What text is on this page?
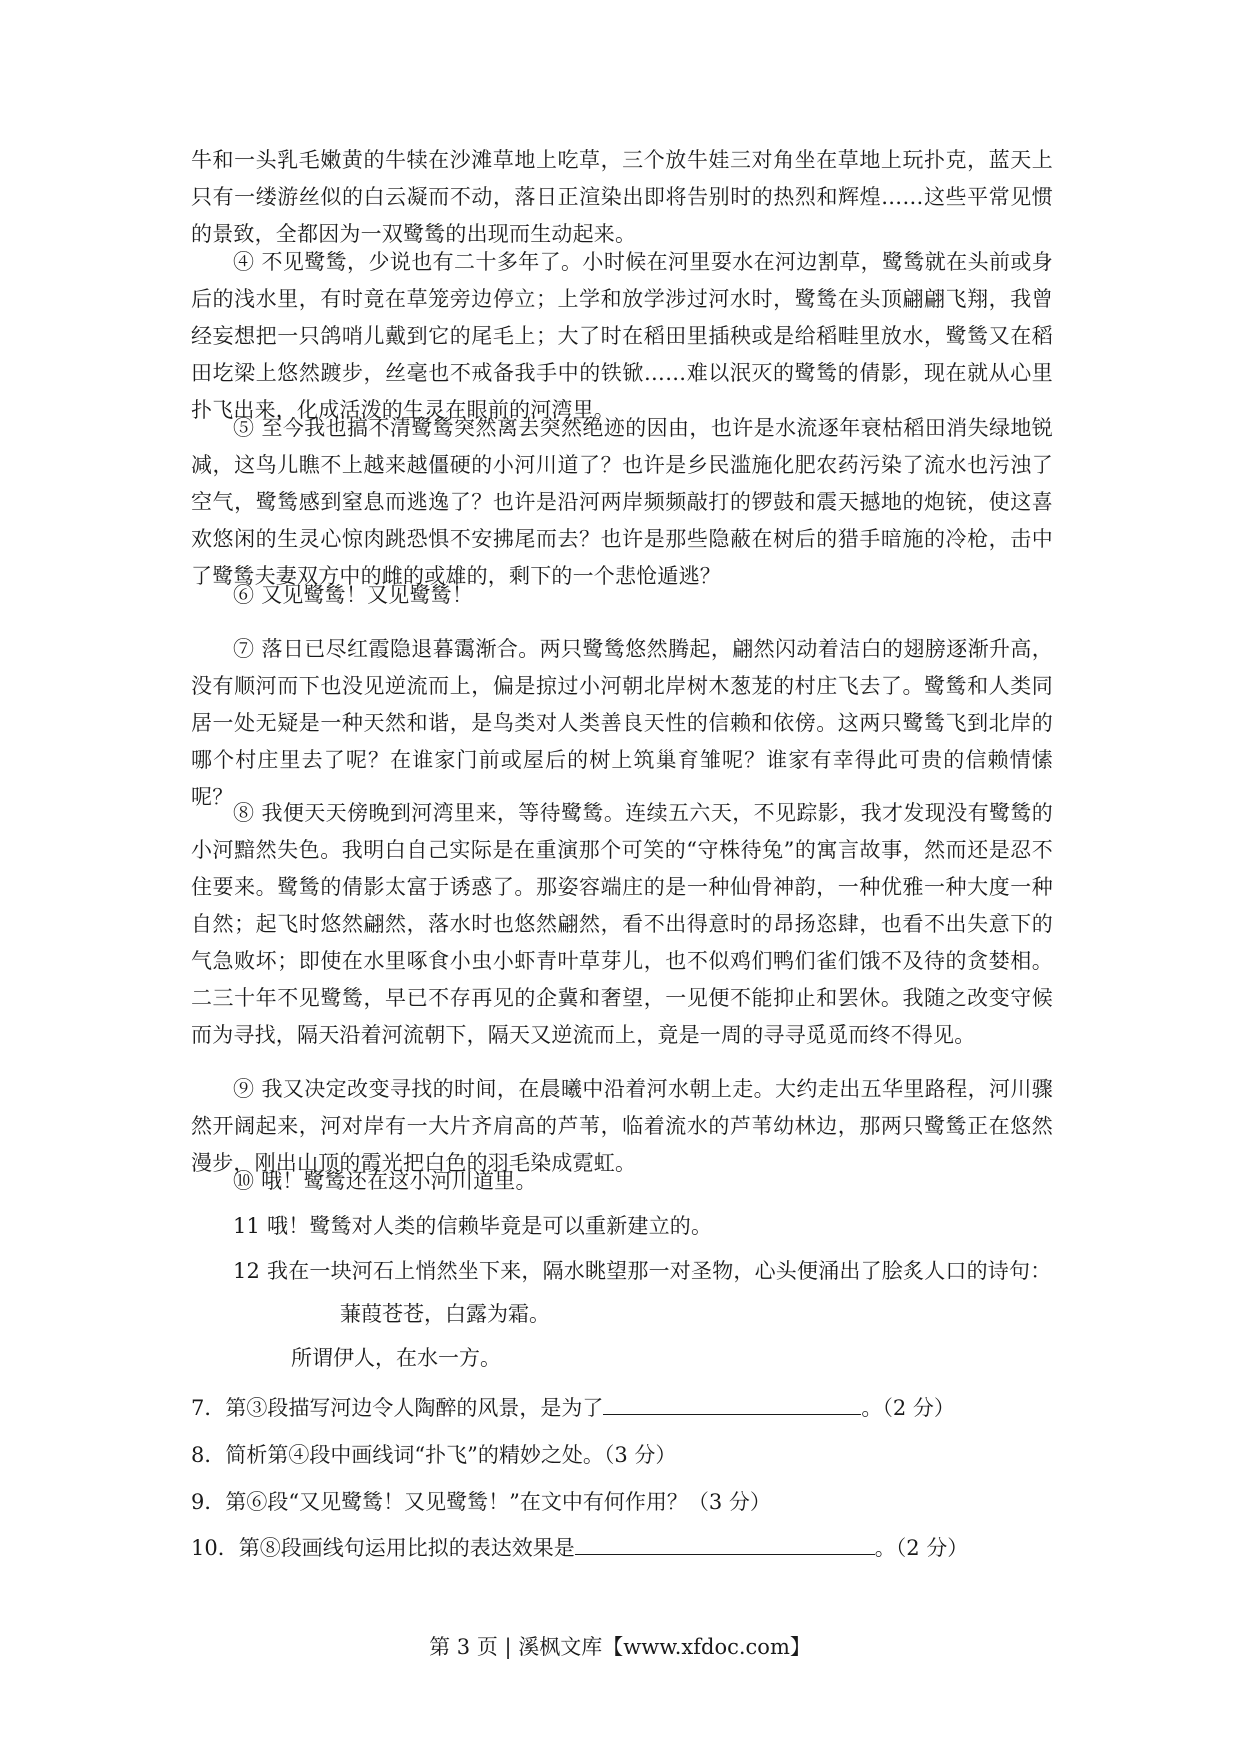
牛和一头乳毛嫩黄的牛犊在沙滩草地上吃草，三个放牛娃三对角坐在草地上玩扑克，蓝天上只有一缕游丝似的白云凝而不动，落日正渲染出即将告别时的热烈和辉煌……这些平常见惯的景致，全都因为一双鹭鸶的出现而生动起来。

④ 不见鹭鸶，少说也有二十多年了。小时候在河里耍水在河边割草，鹭鸶就在头前或身后的浅水里，有时竟在草笼旁边停立；上学和放学涉过河水时，鹭鸶在头顶翩翩飞翔，我曾经妄想把一只鸽哨儿戴到它的尾毛上；大了时在稻田里插秧或是给稻畦里放水，鹭鸶又在稻田圪梁上悠然踱步，丝毫也不戒备我手中的铁锨……难以泯灭的鹭鸶的倩影，现在就从心里扑飞出来，化成活泼的生灵在眼前的河湾里。

⑤ 至今我也搞不清鹭鸶突然离去突然绝迹的因由，也许是水流逐年衰枯稻田消失绿地锐减，这鸟儿瞧不上越来越僵硬的小河川道了？也许是乡民滥施化肥农药污染了流水也污浊了空气，鹭鸶感到窒息而逃逸了？也许是沿河两岸频频敲打的锣鼓和震天撼地的炮铳，使这喜欢悠闲的生灵心惊肉跳恐惧不安拂尾而去？也许是那些隐蔽在树后的猎手暗施的冷枪，击中了鹭鸶夫妻双方中的雌的或雄的，剩下的一个悲怆遁逃？

⑥ 又见鹭鸶！又见鹭鸶！

⑦ 落日已尽红霞隐退暮霭渐合。两只鹭鸶悠然腾起，翩然闪动着洁白的翅膀逐渐升高，没有顺河而下也没见逆流而上，偏是掠过小河朝北岸树木葱茏的村庄飞去了。鹭鸶和人类同居一处无疑是一种天然和谐，是鸟类对人类善良天性的信赖和依傍。这两只鹭鸶飞到北岸的哪个村庄里去了呢？在谁家门前或屋后的树上筑巢育雏呢？谁家有幸得此可贵的信赖情愫呢？

⑧ 我便天天傍晚到河湾里来，等待鹭鸶。连续五六天，不见踪影，我才发现没有鹭鸶的小河黯然失色。我明白自己实际是在重演那个可笑的“守株待兔”的寓言故事，然而还是忍不住要来。鹭鸶的倩影太富于诱惑了。那姿容端庄的是一种仙骨神韵，一种优雅一种大度一种自然；起飞时悠然翩然，落水时也悠然翩然，看不出得意时的昂扬恣肆，也看不出失意下的气急败坏；即使在水里啄食小虫小虾青叶草芽儿，也不似鸡们鸭们雀们饿不及待的贪婪相。二三十年不见鹭鸶，早已不存再见的企冀和奢望，一见便不能抑止和罢休。我随之改变守候而为寻找，隔天沿着河流朝下，隔天又逆流而上，竟是一周的寻寻觅觅而终不得见。

⑨ 我又决定改变寻找的时间，在晨曦中沿着河水朝上走。大约走出五华里路程，河川骤然开阔起来，河对岸有一大片齐肩高的芦苇，临着流水的芦苇幼林边，那两只鹭鸶正在悠然漫步，刚出山顶的霞光把白色的羽毛染成霓虹。

⑩ 哦！鹭鸶还在这小河川道里。

11 哦！鹭鸶对人类的信赖毕竟是可以重新建立的。

12 我在一块河石上悄然坐下来，隔水眺望那一对圣物，心头便涌出了脍炙人口的诗句：

蒹葭苍苍，白露为霜。
所谓伊人，在水一方。
7．第③段描写河边令人陶醉的风景，是为了	。（2 分）
8．简析第④段中画线词“扑飞”的精妙之处。（3 分）
9．第⑥段“又见鹭鸶！又见鹭鸶！”在文中有何作用？（3 分）
10．第⑧段画线句运用比拟的表达效果是	。（2 分）
第 3 页 | 溪枫文库【www.xfdoc.com】
